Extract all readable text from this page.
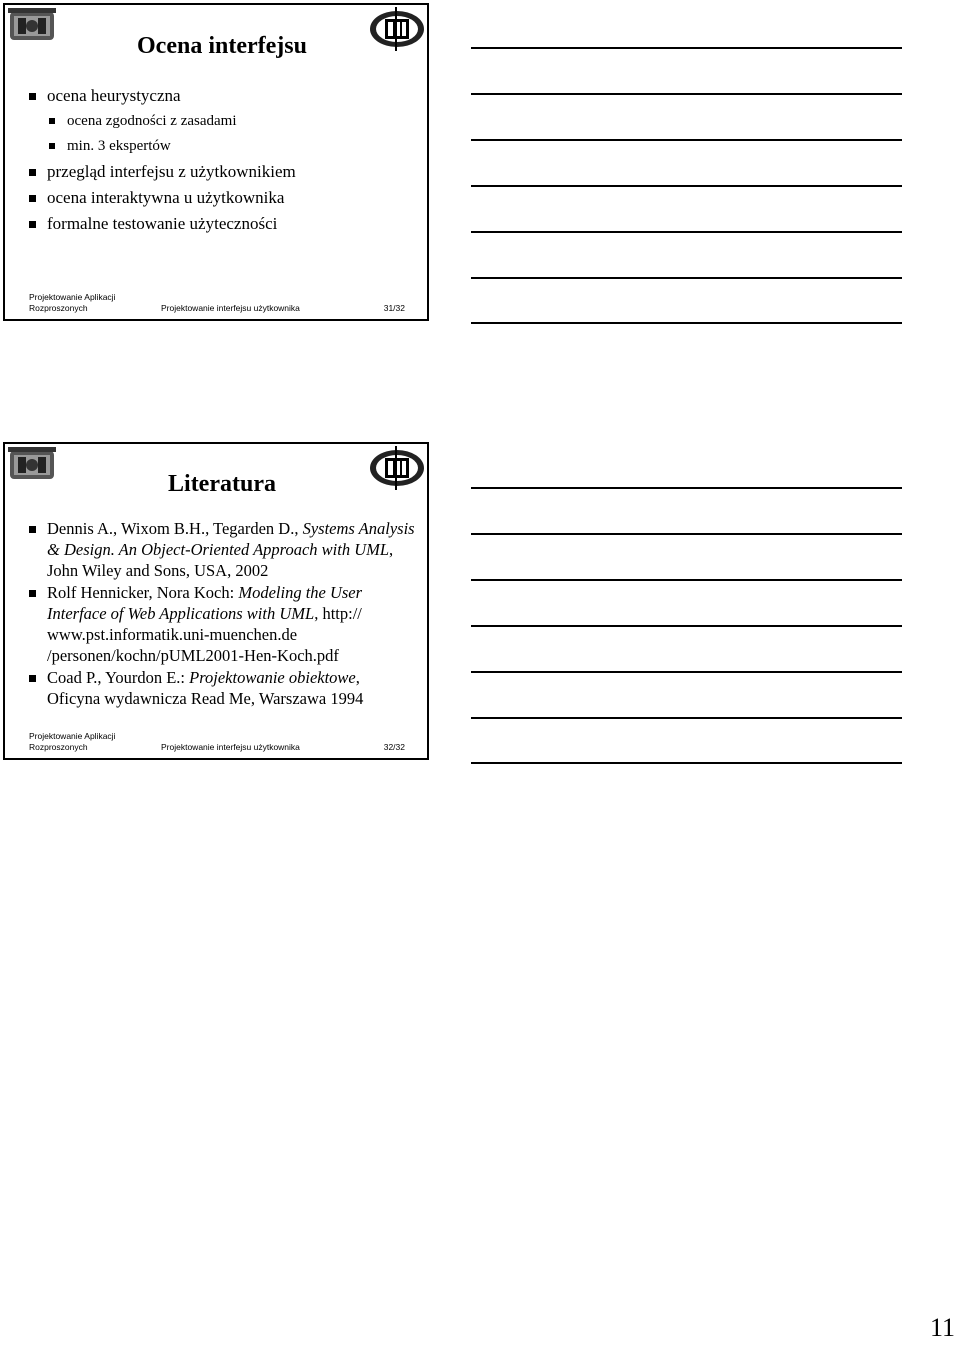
Ocena interfejsu
ocena heurystyczna
ocena zgodności z zasadami
min. 3 ekspertów
przegląd interfejsu z użytkownikiem
ocena interaktywna u użytkownika
formalne testowanie użyteczności
Projektowanie Aplikacji Rozproszonych	Projektowanie interfejsu użytkownika	31/32
Literatura
Dennis A., Wixom B.H., Tegarden D., Systems Analysis & Design. An Object-Oriented Approach with UML, John Wiley and Sons, USA, 2002
Rolf Hennicker, Nora Koch: Modeling the User Interface of Web Applications with UML, http:// www.pst.informatik.uni-muenchen.de /personen/kochn/pUML2001-Hen-Koch.pdf
Coad P., Yourdon E.: Projektowanie obiektowe, Oficyna wydawnicza Read Me, Warszawa 1994
Projektowanie Aplikacji Rozproszonych	Projektowanie interfejsu użytkownika	32/32
11
